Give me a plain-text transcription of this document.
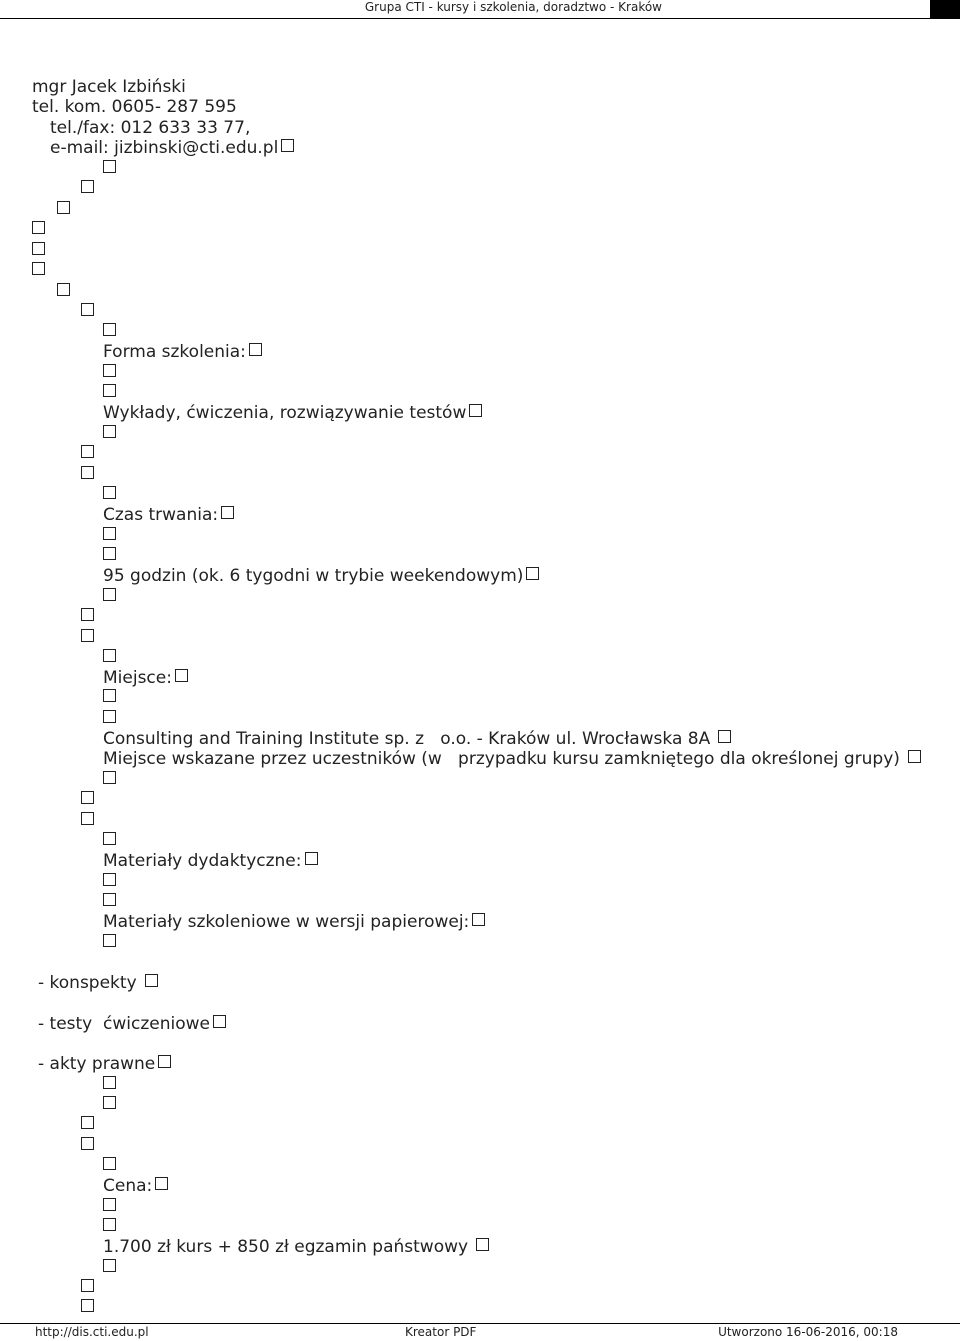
Grupa CTI - kursy i szkolenia, doradztwo - Kraków
mgr Jacek Izbiński
tel. kom. 0605- 287 595
tel./fax: 012 633 33 77,
e-mail: jizbinski@cti.edu.pl
Forma szkolenia:
Wykłady, ćwiczenia, rozwiązywanie testów
Czas trwania:
95 godzin (ok. 6 tygodni w trybie weekendowym)
Miejsce:
Consulting and Training Institute sp. z   o.o. - Kraków ul. Wrocławska 8A
Miejsce wskazane przez uczestników (w   przypadku kursu zamkniętego dla określonej grupy)
Materiały dydaktyczne:
Materiały szkoleniowe w wersji papierowej:
- konspekty
- testy  ćwiczeniowe
- akty prawne
Cena:
1.700 zł kurs + 850 zł egzamin państwowy
http://dis.cti.edu.pl	Kreator PDF	Utworzono 16-06-2016, 00:18
